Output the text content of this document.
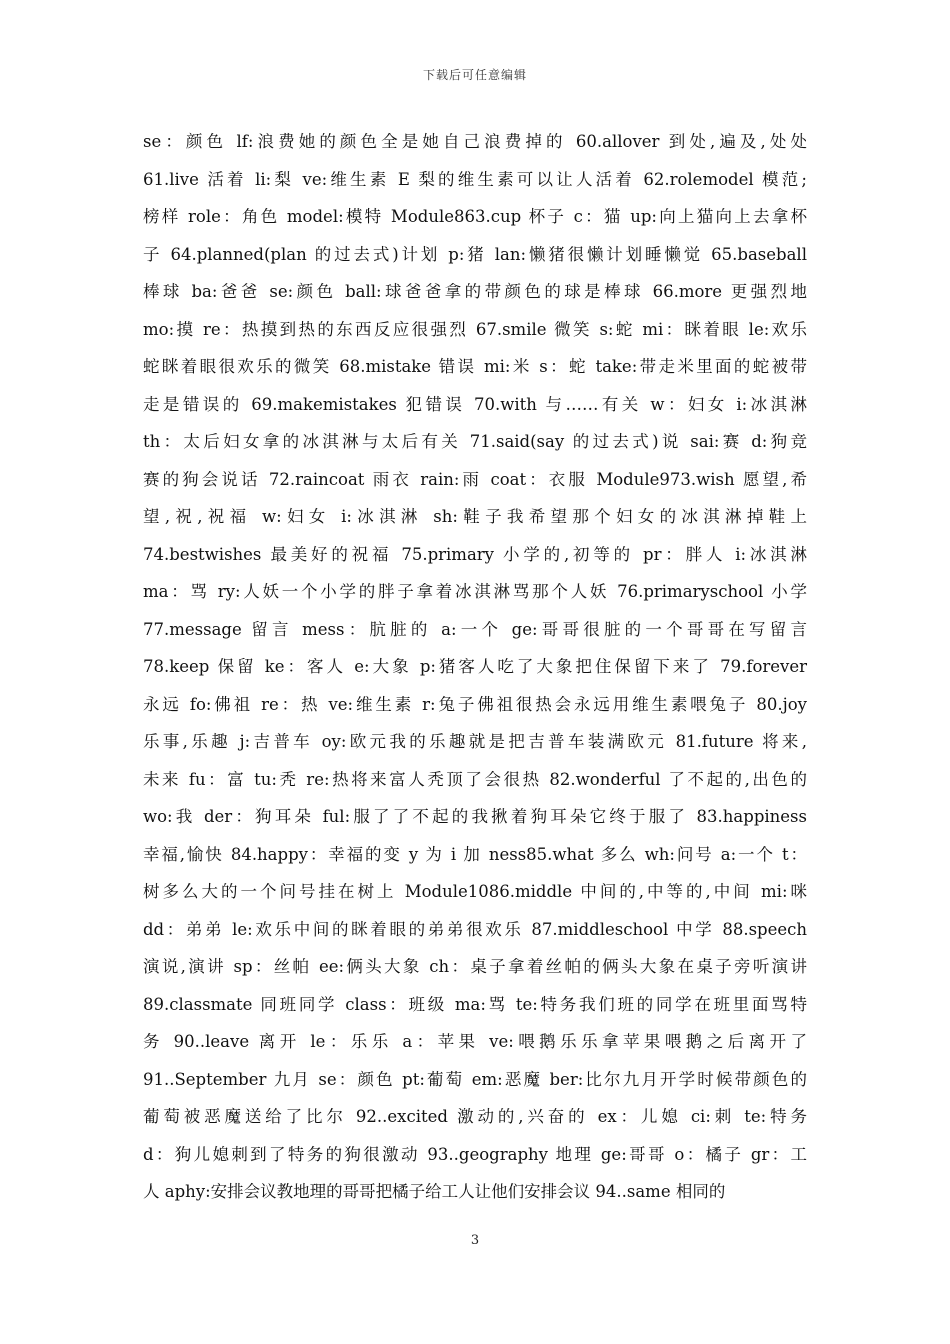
下载后可任意编辑
se：颜色 lf:浪费她的颜色全是她自己浪费掉的 60.allover 到处,遍及,处处
61.live 活着 li:梨 ve:维生素 E 梨的维生素可以让人活着 62.rolemodel 模范;
榜样 role：角色 model:模特 Module863.cup 杯子 c：猫 up:向上猫向上去拿杯
子 64.planned(plan 的过去式)计划 p:猪 lan:懒猪很懒计划睡懒觉 65.baseball
棒球 ba:爸爸 se:颜色 ball:球爸爸拿的带颜色的球是棒球 66.more 更强烈地
mo:摸 re：热摸到热的东西反应很强烈 67.smile 微笑 s:蛇 mi：眯着眼 le:欢乐
蛇眯着眼很欢乐的微笑 68.mistake 错误 mi:米 s：蛇 take:带走米里面的蛇被带
走是错误的 69.makemistakes 犯错误 70.with 与……有关 w：妇女 i:冰淇淋
th：太后妇女拿的冰淇淋与太后有关 71.said(say 的过去式)说 sai:赛 d:狗竞
赛的狗会说话 72.raincoat 雨衣 rain:雨 coat：衣服 Module973.wish 愿望,希
望,祝,祝福 w:妇女 i:冰淇淋 sh:鞋子我希望那个妇女的冰淇淋掉鞋上
74.bestwishes 最美好的祝福 75.primary 小学的,初等的 pr：胖人 i:冰淇淋
ma：骂 ry:人妖一个小学的胖子拿着冰淇淋骂那个人妖 76.primaryschool 小学
77.message 留言 mess：肮脏的 a:一个 ge:哥哥很脏的一个哥哥在写留言
78.keep 保留 ke：客人 e:大象 p:猪客人吃了大象把住保留下来了 79.forever
永远 fo:佛祖 re：热 ve:维生素 r:兔子佛祖很热会永远用维生素喂兔子 80.joy
乐事,乐趣 j:吉普车 oy:欧元我的乐趣就是把吉普车装满欧元 81.future 将来,
未来 fu：富 tu:秃 re:热将来富人秃顶了会很热 82.wonderful 了不起的,出色的
wo:我 der：狗耳朵 ful:服了了不起的我揪着狗耳朵它终于服了 83.happiness
幸福,愉快 84.happy：幸福的变 y 为 i 加 ness85.what 多么 wh:问号 a:一个 t：
树多么大的一个问号挂在树上 Module1086.middle 中间的,中等的,中间 mi:咪
dd：弟弟 le:欢乐中间的眯着眼的弟弟很欢乐 87.middleschool 中学 88.speech
演说,演讲 sp：丝帕 ee:俩头大象 ch：桌子拿着丝帕的俩头大象在桌子旁听演讲
89.classmate 同班同学 class：班级 ma:骂 te:特务我们班的同学在班里面骂特
务 90..leave 离开 le：乐乐 a：苹果 ve:喂鹅乐乐拿苹果喂鹅之后离开了
91..September 九月 se：颜色 pt:葡萄 em:恶魔 ber:比尔九月开学时候带颜色的
葡萄被恶魔送给了比尔 92..excited 激动的,兴奋的 ex：儿媳 ci:刺 te:特务
d：狗儿媳刺到了特务的狗很激动 93..geography 地理 ge:哥哥 o：橘子 gr：工
人 aphy:安排会议教地理的哥哥把橘子给工人让他们安排会议 94..same 相同的
3
